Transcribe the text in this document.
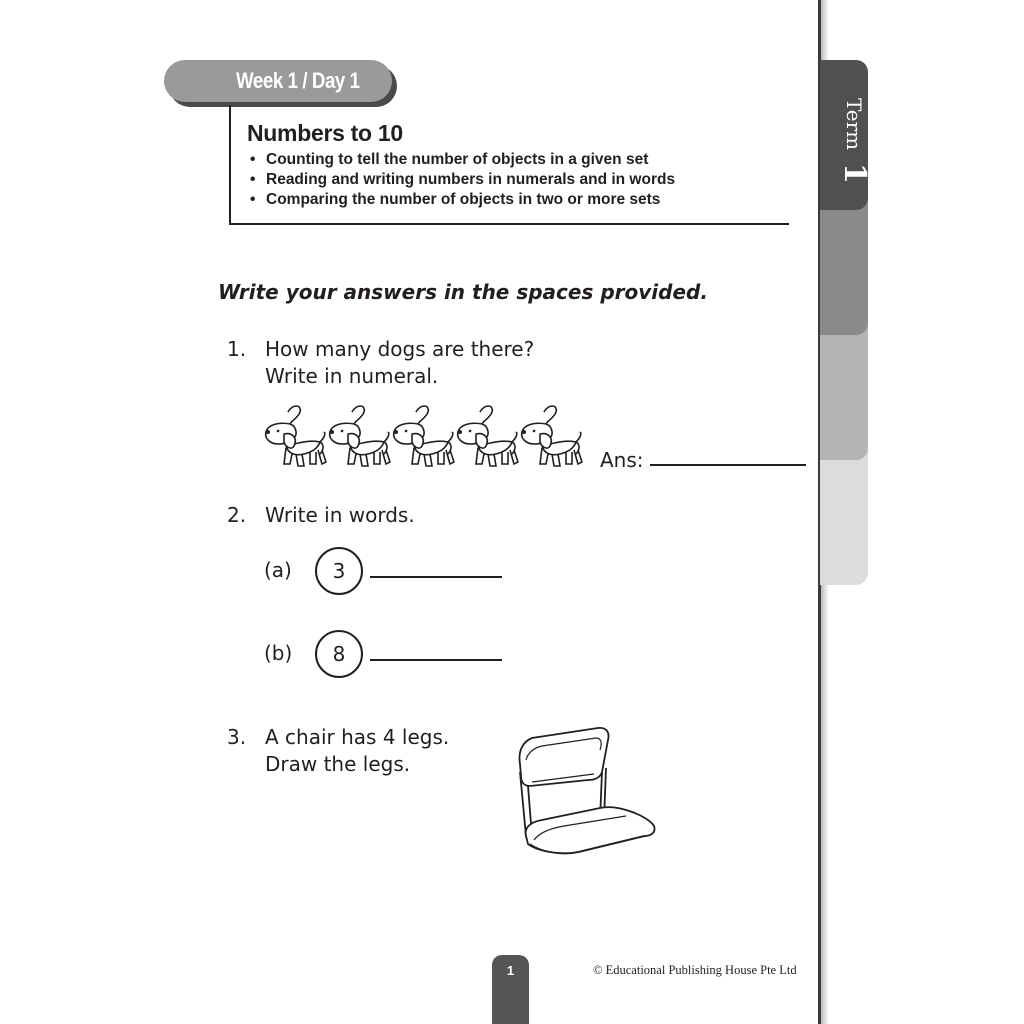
Term 1
Week 1 / Day 1
Numbers to 10
• Counting to tell the number of objects in a given set
• Reading and writing numbers in numerals and in words
• Comparing the number of objects in two or more sets
Write your answers in the spaces provided.
1. How many dogs are there?
Write in numeral.
Ans:
2. Write in words.
(a)	3
(b)	8
3. A chair has 4 legs.
Draw the legs.
1	© Educational Publishing House Pte Ltd
